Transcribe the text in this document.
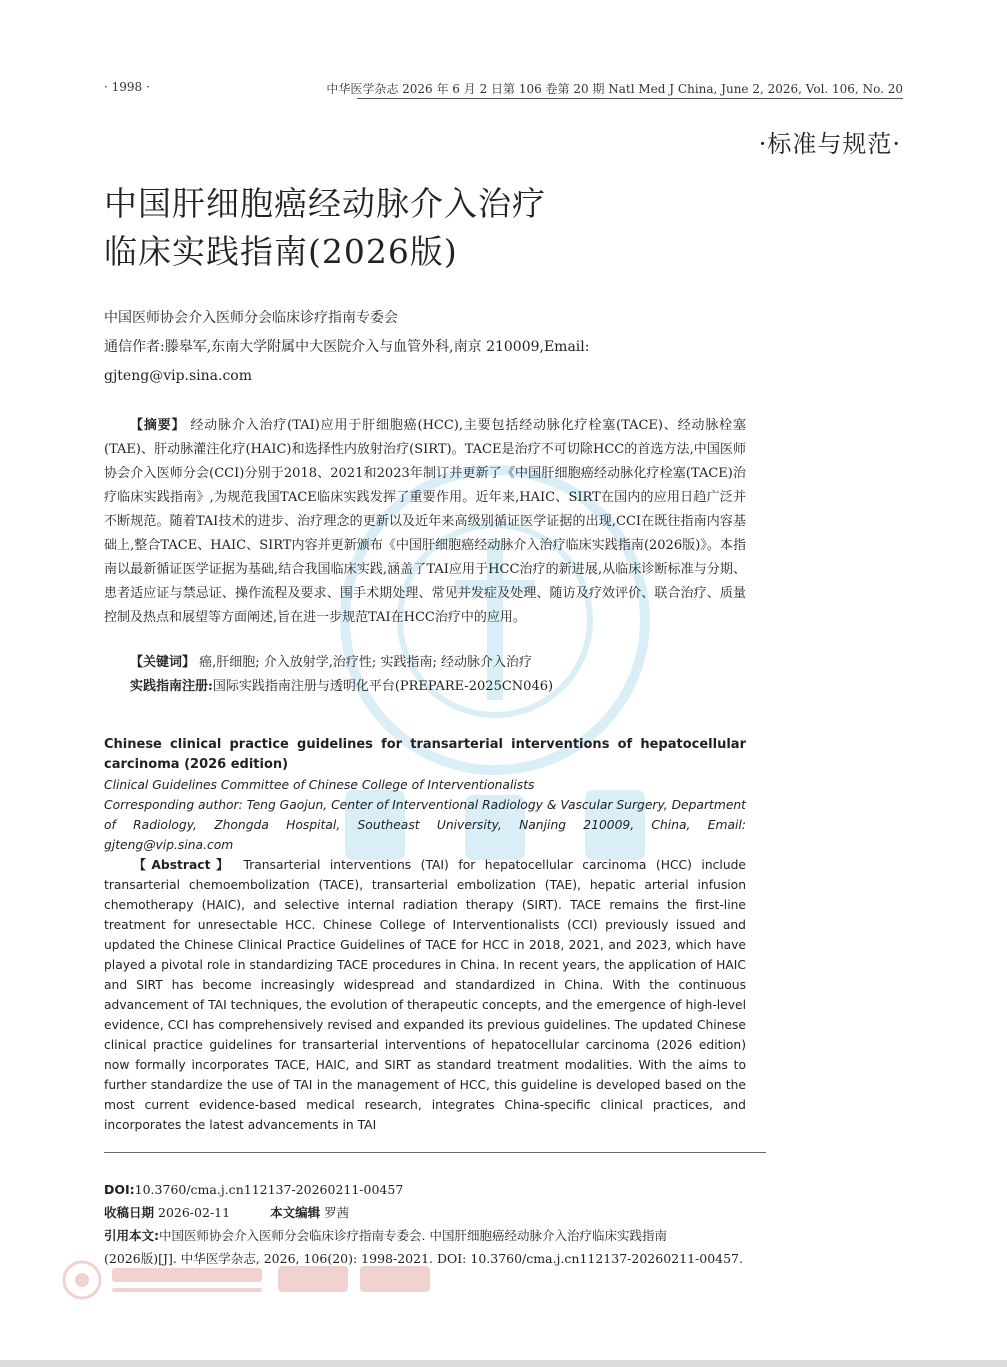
· 1998 ·	中华医学杂志 2026 年 6 月 2 日第 106 卷第 20 期 Natl Med J China, June 2, 2026, Vol. 106, No. 20
·标准与规范·
中国肝细胞癌经动脉介入治疗
临床实践指南(2026版)
中国医师协会介入医师分会临床诊疗指南专委会
通信作者:滕皋军,东南大学附属中大医院介入与血管外科,南京 210009,Email:
gjteng@vip.sina.com
【摘要】 经动脉介入治疗(TAI)应用于肝细胞癌(HCC),主要包括经动脉化疗栓塞(TACE)、经动脉栓塞(TAE)、肝动脉灌注化疗(HAIC)和选择性内放射治疗(SIRT)。TACE是治疗不可切除HCC的首选方法,中国医师协会介入医师分会(CCI)分别于2018、2021和2023年制订并更新了《中国肝细胞癌经动脉化疗栓塞(TACE)治疗临床实践指南》,为规范我国TACE临床实践发挥了重要作用。近年来,HAIC、SIRT在国内的应用日趋广泛并不断规范。随着TAI技术的进步、治疗理念的更新以及近年来高级别循证医学证据的出现,CCI在既往指南内容基础上,整合TACE、HAIC、SIRT内容并更新颁布《中国肝细胞癌经动脉介入治疗临床实践指南(2026版)》。本指南以最新循证医学证据为基础,结合我国临床实践,涵盖了TAI应用于HCC治疗的新进展,从临床诊断标准与分期、患者适应证与禁忌证、操作流程及要求、围手术期处理、常见并发症及处理、随访及疗效评价、联合治疗、质量控制及热点和展望等方面阐述,旨在进一步规范TAI在HCC治疗中的应用。
【关键词】 癌,肝细胞; 介入放射学,治疗性; 实践指南; 经动脉介入治疗
实践指南注册:国际实践指南注册与透明化平台(PREPARE-2025CN046)
Chinese clinical practice guidelines for transarterial interventions of hepatocellular carcinoma (2026 edition)
Clinical Guidelines Committee of Chinese College of Interventionalists
Corresponding author: Teng Gaojun, Center of Interventional Radiology & Vascular Surgery, Department of Radiology, Zhongda Hospital, Southeast University, Nanjing 210009, China, Email: gjteng@vip.sina.com
【Abstract】 Transarterial interventions (TAI) for hepatocellular carcinoma (HCC) include transarterial chemoembolization (TACE), transarterial embolization (TAE), hepatic arterial infusion chemotherapy (HAIC), and selective internal radiation therapy (SIRT). TACE remains the first-line treatment for unresectable HCC. Chinese College of Interventionalists (CCI) previously issued and updated the Chinese Clinical Practice Guidelines of TACE for HCC in 2018, 2021, and 2023, which have played a pivotal role in standardizing TACE procedures in China. In recent years, the application of HAIC and SIRT has become increasingly widespread and standardized in China. With the continuous advancement of TAI techniques, the evolution of therapeutic concepts, and the emergence of high-level evidence, CCI has comprehensively revised and expanded its previous guidelines. The updated Chinese clinical practice guidelines for transarterial interventions of hepatocellular carcinoma (2026 edition) now formally incorporates TACE, HAIC, and SIRT as standard treatment modalities. With the aims to further standardize the use of TAI in the management of HCC, this guideline is developed based on the most current evidence-based medical research, integrates China-specific clinical practices, and incorporates the latest advancements in TAI
DOI:10.3760/cma.j.cn112137-20260211-00457
收稿日期 2026-02-11	本文编辑 罗茜
引用本文:中国医师协会介入医师分会临床诊疗指南专委会. 中国肝细胞癌经动脉介入治疗临床实践指南
(2026版)[J]. 中华医学杂志, 2026, 106(20): 1998-2021. DOI: 10.3760/cma.j.cn112137-20260211-00457.
